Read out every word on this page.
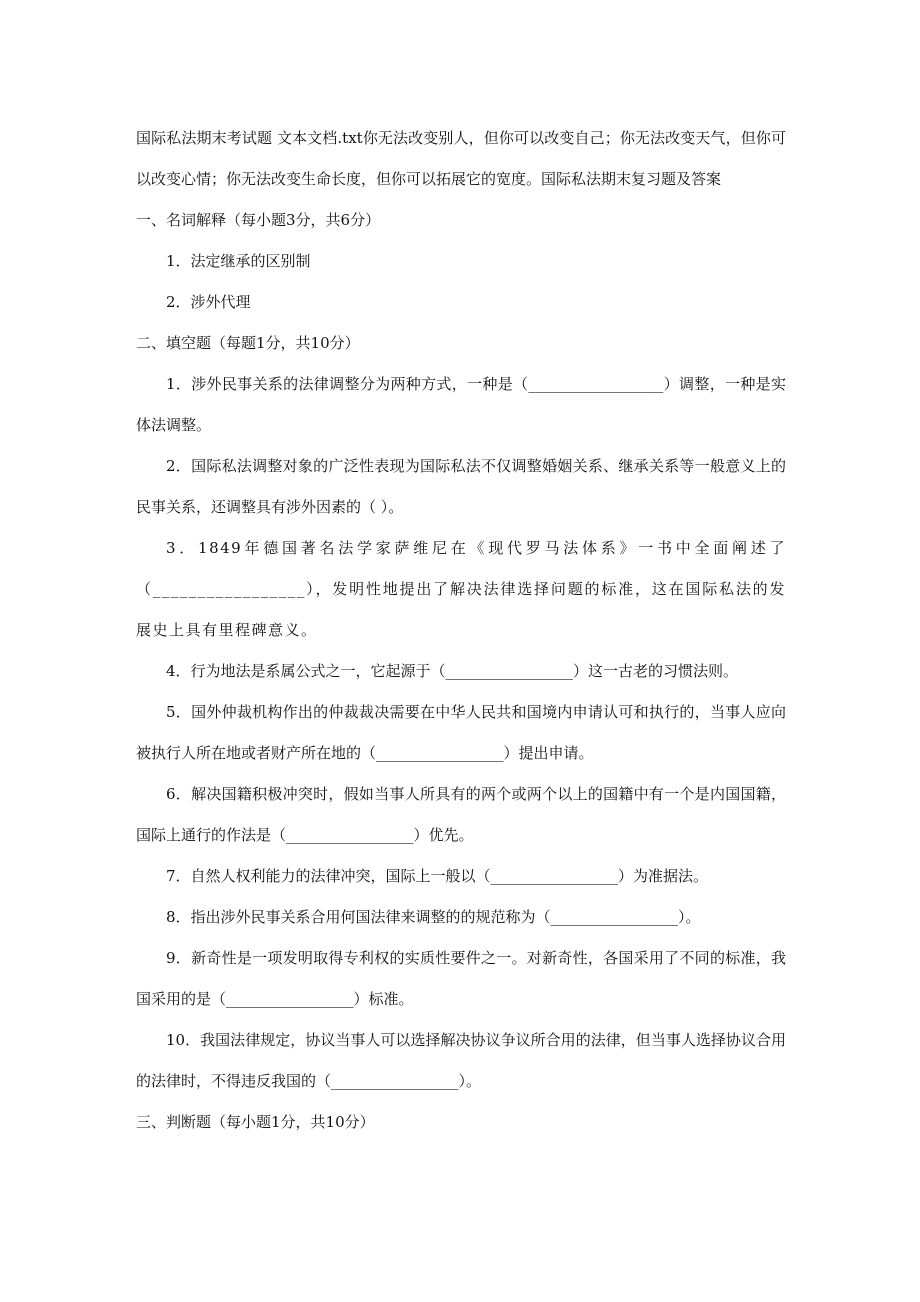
国际私法期末考试题 文本文档.txt你无法改变别人，但你可以改变自己；你无法改变天气，但你可以改变心情；你无法改变生命长度，但你可以拓展它的宽度。国际私法期末复习题及答案

一、名词解释（每小题3分，共6分）

1．法定继承的区别制

2．涉外代理

二、填空题（每题1分，共10分）

1．涉外民事关系的法律调整分为两种方式，一种是（__________________）调整，一种是实体法调整。

2．国际私法调整对象的广泛性表现为国际私法不仅调整婚姻关系、继承关系等一般意义上的民事关系，还调整具有涉外因素的（ ）。

3．1849年德国著名法学家萨维尼在《现代罗马法体系》一书中全面阐述了（_________________），发明性地提出了解决法律选择问题的标准，这在国际私法的发展史上具有里程碑意义。

4．行为地法是系属公式之一，它起源于（_________________）这一古老的习惯法则。

5．国外仲裁机构作出的仲裁裁决需要在中华人民共和国境内申请认可和执行的，当事人应向被执行人所在地或者财产所在地的（_________________）提出申请。

6．解决国籍积极冲突时，假如当事人所具有的两个或两个以上的国籍中有一个是内国国籍，国际上通行的作法是（_________________）优先。

7．自然人权利能力的法律冲突，国际上一般以（_________________）为准据法。

8．指出涉外民事关系合用何国法律来调整的的规范称为（_________________）。

9．新奇性是一项发明取得专利权的实质性要件之一。对新奇性，各国采用了不同的标准，我国采用的是（_________________）标准。

10．我国法律规定，协议当事人可以选择解决协议争议所合用的法律，但当事人选择协议合用的法律时，不得违反我国的（_________________）。

三、判断题（每小题1分，共10分）
